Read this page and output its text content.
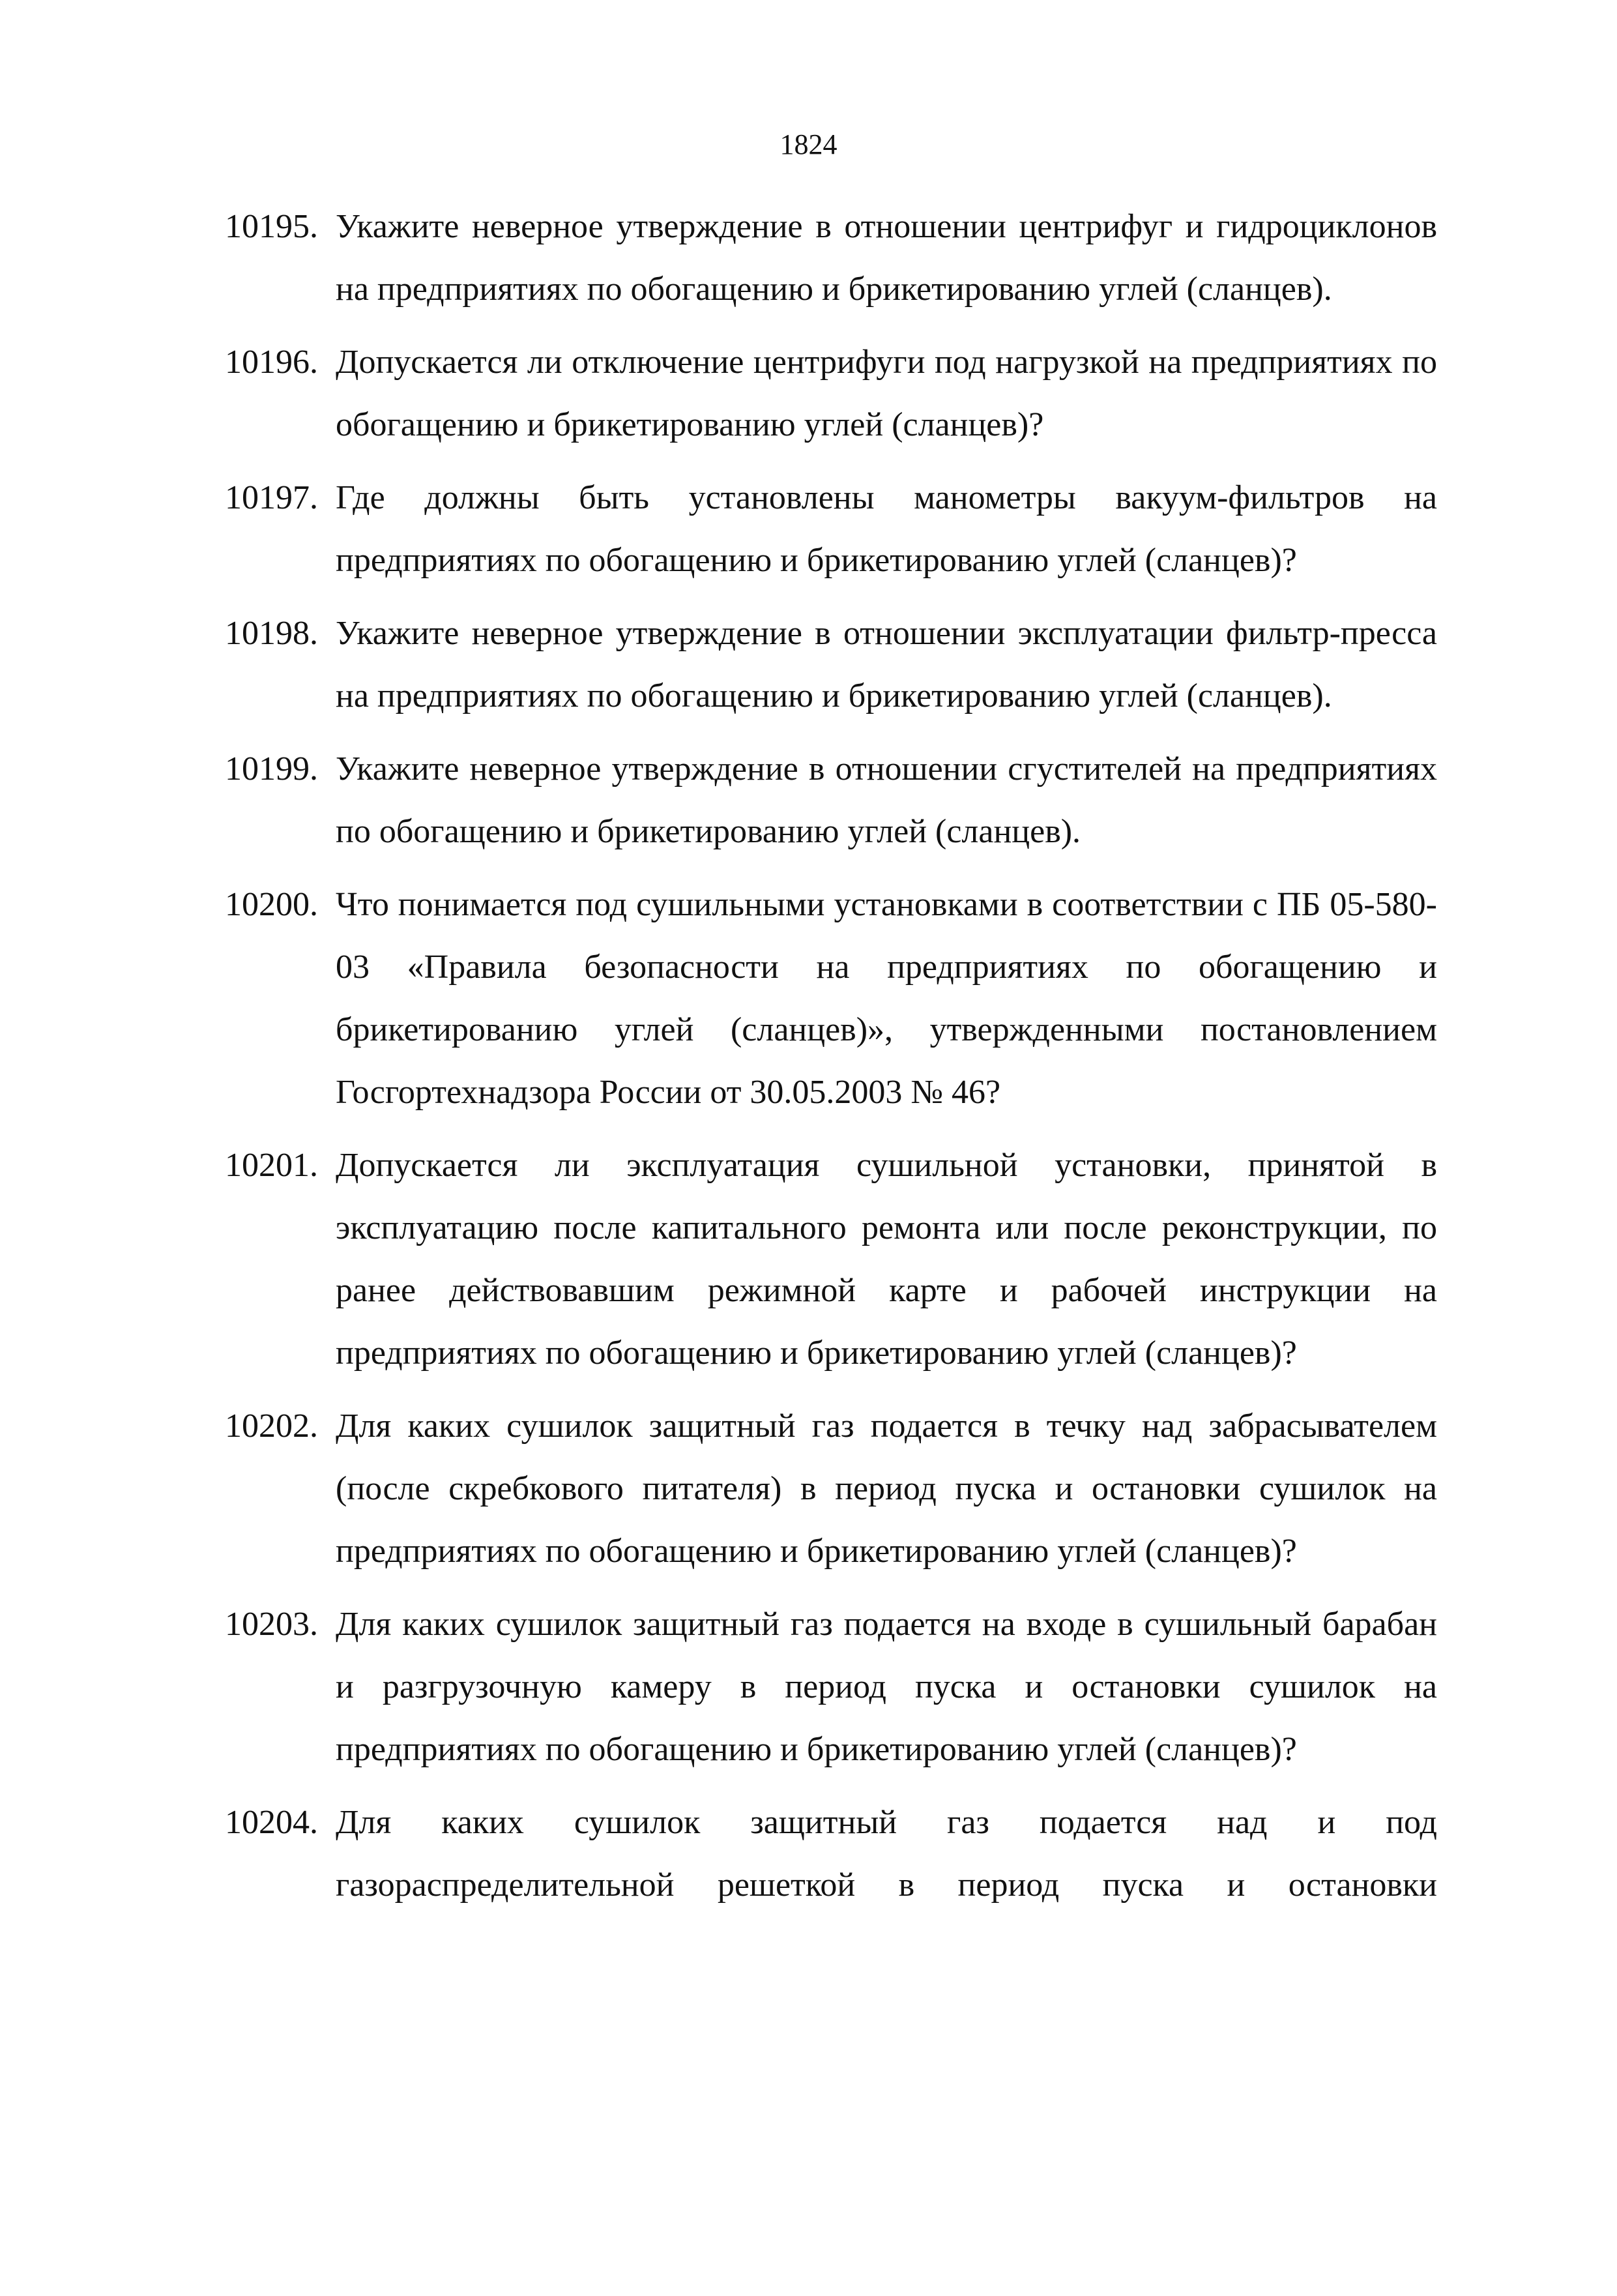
1824
10195. Укажите неверное утверждение в отношении центрифуг и гидроциклонов на предприятиях по обогащению и брикетированию углей (сланцев).
10196. Допускается ли отключение центрифуги под нагрузкой на предприятиях по обогащению и брикетированию углей (сланцев)?
10197. Где должны быть установлены манометры вакуум-фильтров на предприятиях по обогащению и брикетированию углей (сланцев)?
10198. Укажите неверное утверждение в отношении эксплуатации фильтр-пресса на предприятиях по обогащению и брикетированию углей (сланцев).
10199. Укажите неверное утверждение в отношении сгустителей на предприятиях по обогащению и брикетированию углей (сланцев).
10200. Что понимается под сушильными установками в соответствии с ПБ 05-580-03 «Правила безопасности на предприятиях по обогащению и брикетированию углей (сланцев)», утвержденными постановлением Госгортехнадзора России от 30.05.2003 № 46?
10201. Допускается ли эксплуатация сушильной установки, принятой в эксплуатацию после капитального ремонта или после реконструкции, по ранее действовавшим режимной карте и рабочей инструкции на предприятиях по обогащению и брикетированию углей (сланцев)?
10202. Для каких сушилок защитный газ подается в течку над забрасывателем (после скребкового питателя) в период пуска и остановки сушилок на предприятиях по обогащению и брикетированию углей (сланцев)?
10203. Для каких сушилок защитный газ подается на входе в сушильный барабан и разгрузочную камеру в период пуска и остановки сушилок на предприятиях по обогащению и брикетированию углей (сланцев)?
10204. Для каких сушилок защитный газ подается над и под газораспределительной решеткой в период пуска и остановки
